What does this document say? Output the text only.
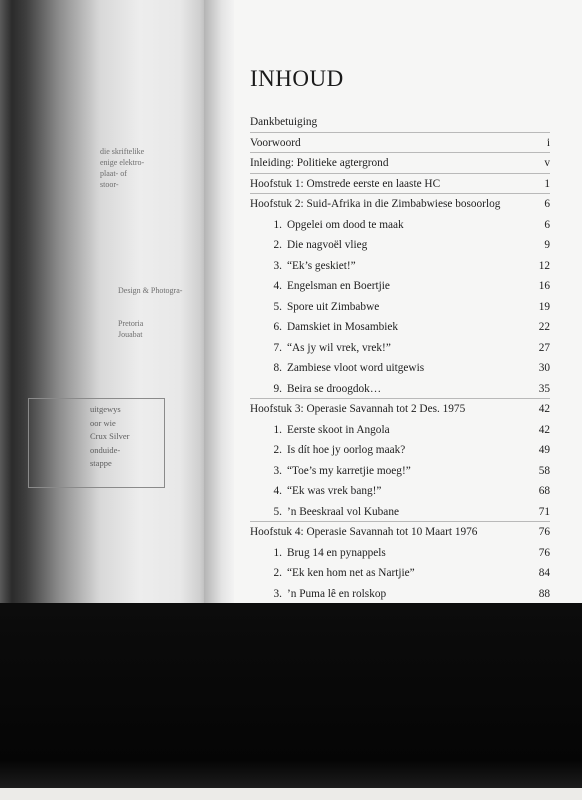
die skriftelike
enige elektro-
plaat- of
stoor-
Design & Photogra-
Pretoria
Jouabat
uitgewys
oor wie
Crux Silver
onduide-
stappe
INHOUD
Dankbetuiging
Voorwoord	i
Inleiding: Politieke agtergrond	v
Hoofstuk 1: Omstrede eerste en laaste HC	1
Hoofstuk 2: Suid-Afrika in die Zimbabwiese bosoorlog	6
1. Opgelei om dood te maak	6
2. Die nagvoël vlieg	9
3. “Ek’s geskiet!”	12
4. Engelsman en Boertjie	16
5. Spore uit Zimbabwe	19
6. Damskiet in Mosambiek	22
7. “As jy wil vrek, vrek!”	27
8. Zambiese vloot word uitgewis	30
9. Beira se droogdok…	35
Hoofstuk 3: Operasie Savannah tot 2 Des. 1975	42
1. Eerste skoot in Angola	42
2. Is dít hoe jy oorlog maak?	49
3. “Toe’s my karretjie moeg!”	58
4. “Ek was vrek bang!”	68
5. ’n Beeskraal vol Kubane	71
Hoofstuk 4: Operasie Savannah tot 10 Maart 1976	76
1. Brug 14 en pynappels	76
2. “Ek ken hom net as Nartjie”	84
3. ’n Puma lê en rolskop	88
